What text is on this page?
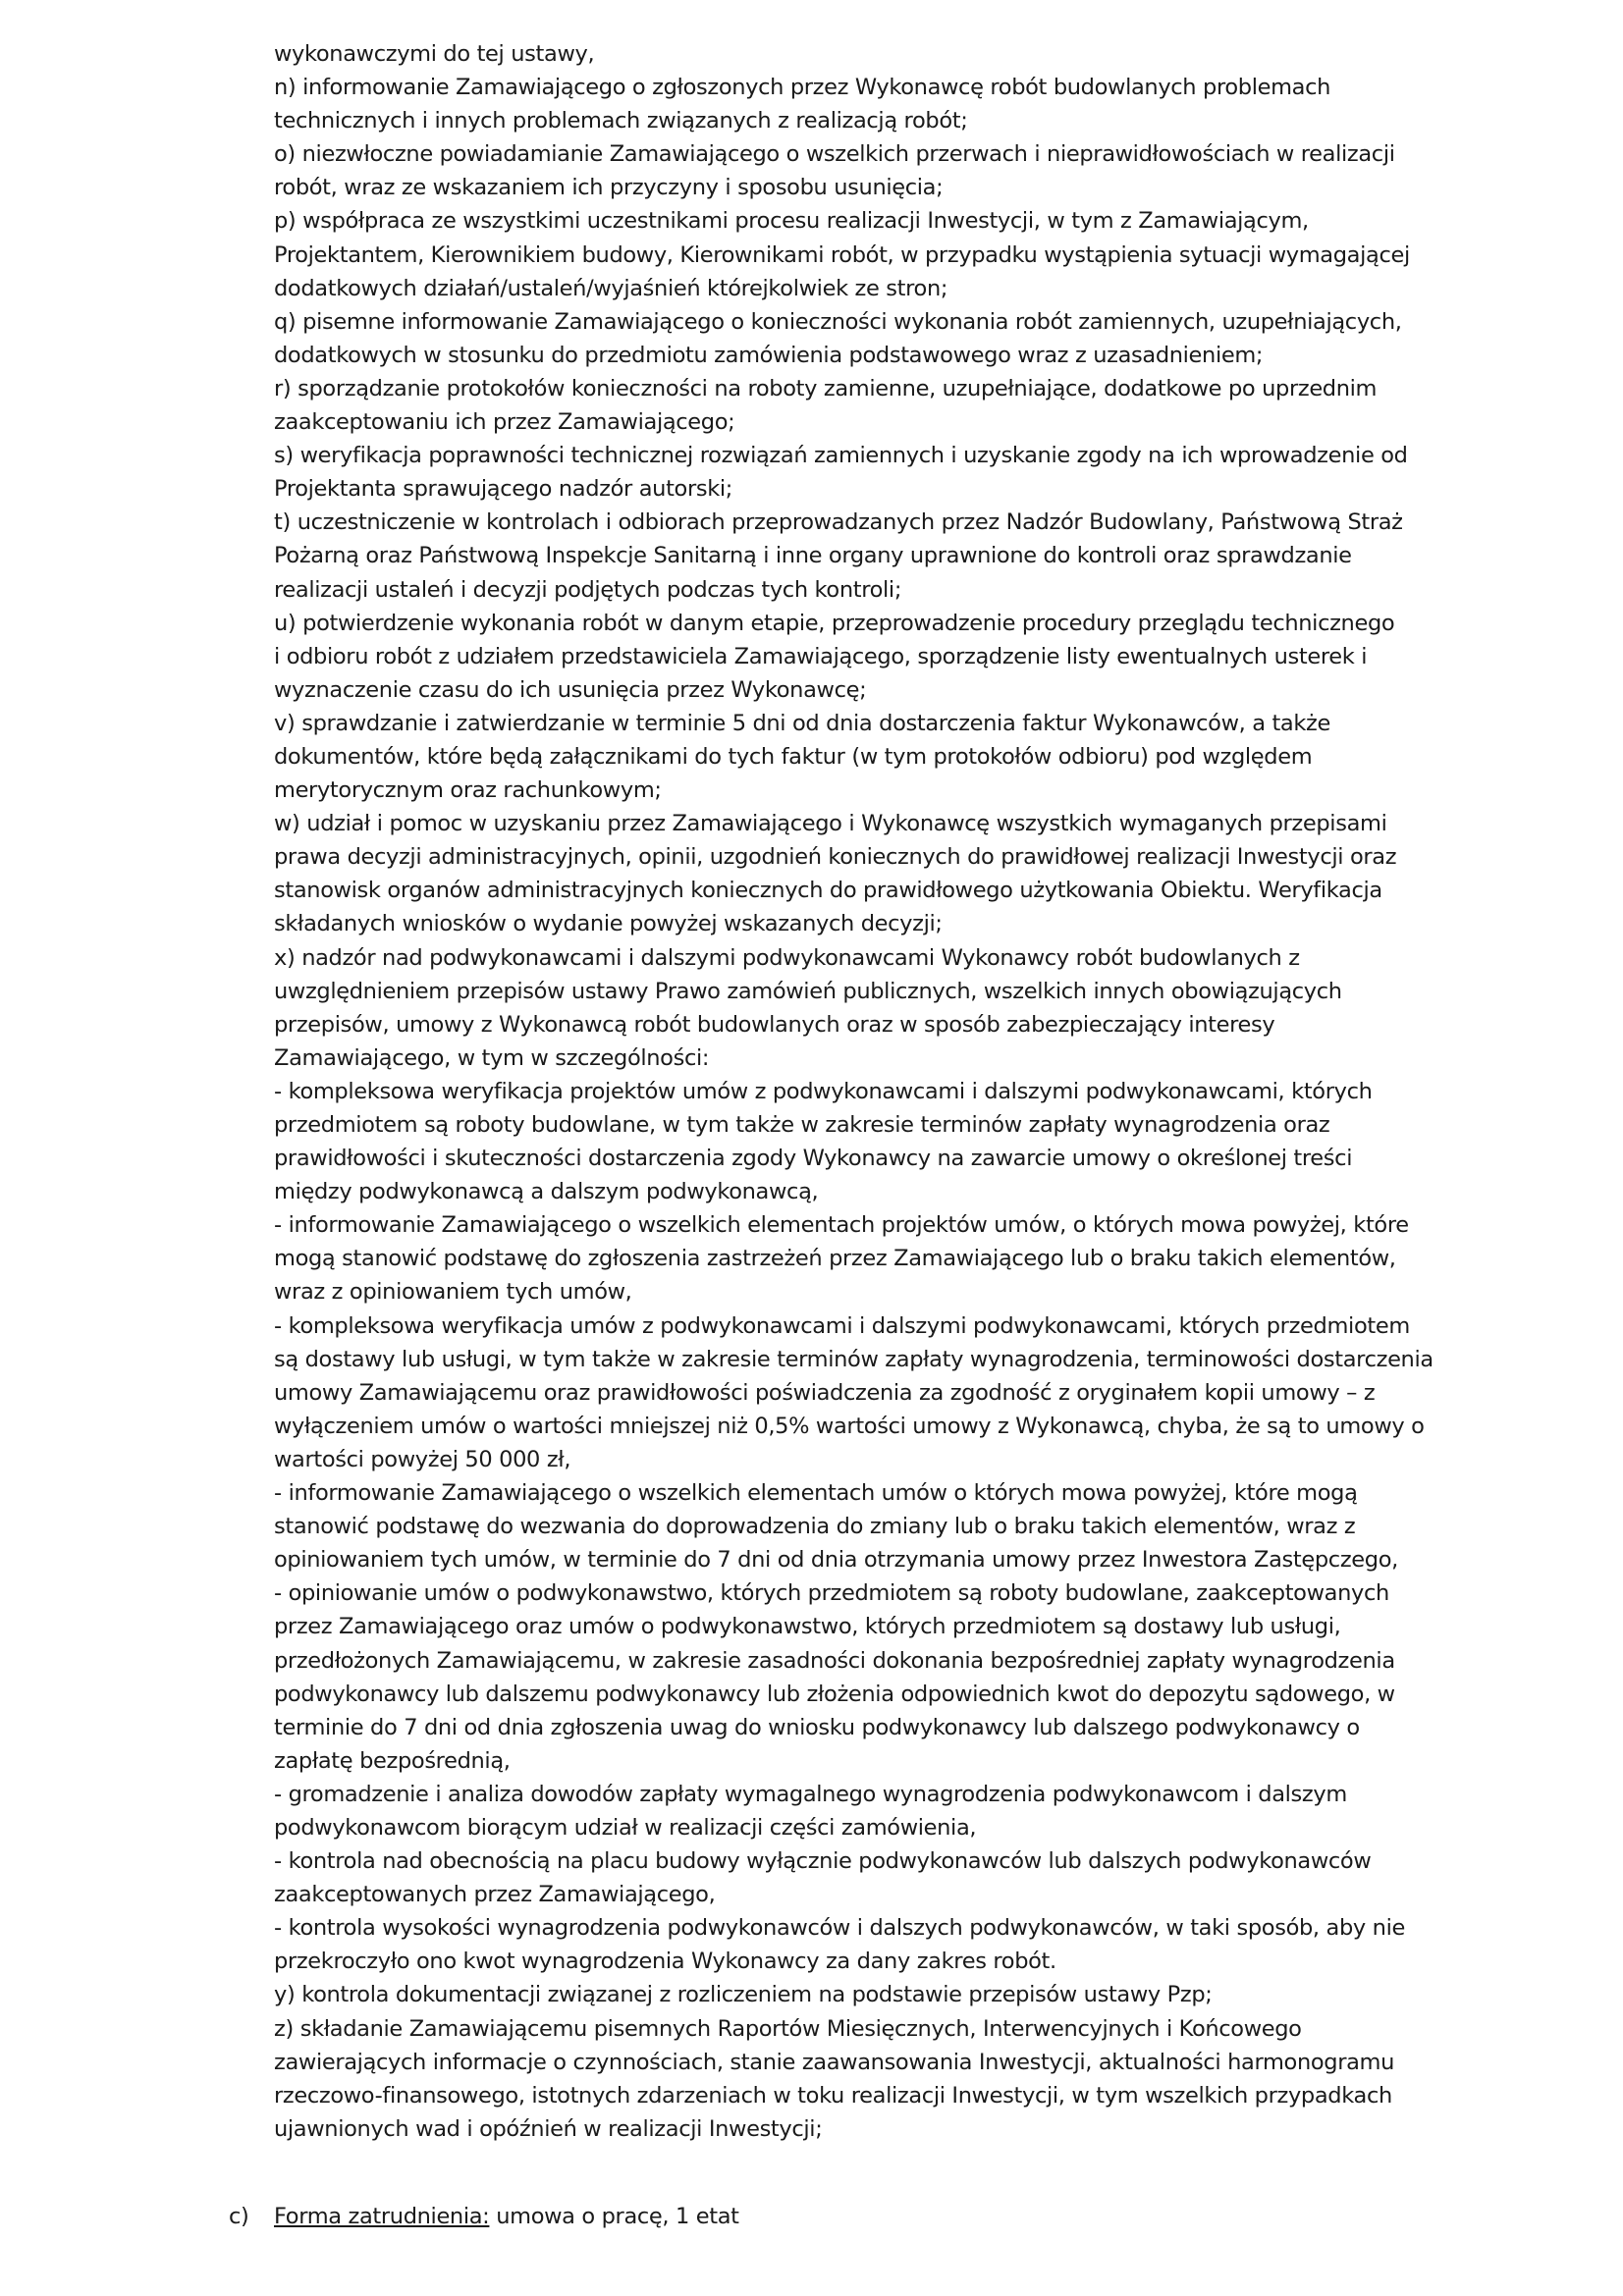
wykonawczymi do tej ustawy,
n) informowanie Zamawiającego o zgłoszonych przez Wykonawcę robót budowlanych problemach
technicznych i innych problemach związanych z realizacją robót;
o) niezwłoczne powiadamianie Zamawiającego o wszelkich przerwach i nieprawidłowościach w realizacji
robót, wraz ze wskazaniem ich przyczyny i sposobu usunięcia;
p) współpraca ze wszystkimi uczestnikami procesu realizacji Inwestycji, w tym z Zamawiającym,
Projektantem, Kierownikiem budowy, Kierownikami robót, w przypadku wystąpienia sytuacji wymagającej
dodatkowych działań/ustaleń/wyjaśnień którejkolwiek ze stron;
q) pisemne informowanie Zamawiającego o konieczności wykonania robót zamiennych, uzupełniających,
dodatkowych w stosunku do przedmiotu zamówienia podstawowego wraz z uzasadnieniem;
r) sporządzanie protokołów konieczności na roboty zamienne, uzupełniające, dodatkowe po uprzednim
zaakceptowaniu ich przez Zamawiającego;
s) weryfikacja poprawności technicznej rozwiązań zamiennych i uzyskanie zgody na ich wprowadzenie od
Projektanta sprawującego nadzór autorski;
t) uczestniczenie w kontrolach i odbiorach przeprowadzanych przez Nadzór Budowlany, Państwową Straż
Pożarną oraz Państwową Inspekcje Sanitarną i inne organy uprawnione do kontroli oraz sprawdzanie
realizacji ustaleń i decyzji podjętych podczas tych kontroli;
u) potwierdzenie wykonania robót w danym etapie, przeprowadzenie procedury przeglądu technicznego
i odbioru robót z udziałem przedstawiciela Zamawiającego, sporządzenie listy ewentualnych usterek i
wyznaczenie czasu do ich usunięcia przez Wykonawcę;
v) sprawdzanie i zatwierdzanie w terminie 5 dni od dnia dostarczenia faktur Wykonawców, a także
dokumentów, które będą załącznikami do tych faktur (w tym protokołów odbioru) pod względem
merytorycznym oraz rachunkowym;
w) udział i pomoc w uzyskaniu przez Zamawiającego i Wykonawcę wszystkich wymaganych przepisami
prawa decyzji administracyjnych, opinii, uzgodnień koniecznych do prawidłowej realizacji Inwestycji oraz
stanowisk organów administracyjnych koniecznych do prawidłowego użytkowania Obiektu. Weryfikacja
składanych wniosków o wydanie powyżej wskazanych decyzji;
x) nadzór nad podwykonawcami i dalszymi podwykonawcami Wykonawcy robót budowlanych z
uwzględnieniem przepisów ustawy Prawo zamówień publicznych, wszelkich innych obowiązujących
przepisów, umowy z Wykonawcą robót budowlanych oraz w sposób zabezpieczający interesy
Zamawiającego, w tym w szczególności:
- kompleksowa weryfikacja projektów umów z podwykonawcami i dalszymi podwykonawcami, których
przedmiotem są roboty budowlane, w tym także w zakresie terminów zapłaty wynagrodzenia oraz
prawidłowości i skuteczności dostarczenia zgody Wykonawcy na zawarcie umowy o określonej treści
między podwykonawcą a dalszym podwykonawcą,
- informowanie Zamawiającego o wszelkich elementach projektów umów, o których mowa powyżej, które
mogą stanowić podstawę do zgłoszenia zastrzeżeń przez Zamawiającego lub o braku takich elementów,
wraz z opiniowaniem tych umów,
- kompleksowa weryfikacja umów z podwykonawcami i dalszymi podwykonawcami, których przedmiotem
są dostawy lub usługi, w tym także w zakresie terminów zapłaty wynagrodzenia, terminowości dostarczenia
umowy Zamawiającemu oraz prawidłowości poświadczenia za zgodność z oryginałem kopii umowy – z
wyłączeniem umów o wartości mniejszej niż 0,5% wartości umowy z Wykonawcą, chyba, że są to umowy o
wartości powyżej 50 000 zł,
- informowanie Zamawiającego o wszelkich elementach umów o których mowa powyżej, które mogą
stanowić podstawę do wezwania do doprowadzenia do zmiany lub o braku takich elementów, wraz z
opiniowaniem tych umów, w terminie do 7 dni od dnia otrzymania umowy przez Inwestora Zastępczego,
- opiniowanie umów o podwykonawstwo, których przedmiotem są roboty budowlane, zaakceptowanych
przez Zamawiającego oraz umów o podwykonawstwo, których przedmiotem są dostawy lub usługi,
przedłożonych Zamawiającemu, w zakresie zasadności dokonania bezpośredniej zapłaty wynagrodzenia
podwykonawcy lub dalszemu podwykonawcy lub złożenia odpowiednich kwot do depozytu sądowego, w
terminie do 7 dni od dnia zgłoszenia uwag do wniosku podwykonawcy lub dalszego podwykonawcy o
zapłatę bezpośrednią,
- gromadzenie i analiza dowodów zapłaty wymagalnego wynagrodzenia podwykonawcom i dalszym
podwykonawcom biorącym udział w realizacji części zamówienia,
- kontrola nad obecnością na placu budowy wyłącznie podwykonawców lub dalszych podwykonawców
zaakceptowanych przez Zamawiającego,
- kontrola wysokości wynagrodzenia podwykonawców i dalszych podwykonawców, w taki sposób, aby nie
przekroczyło ono kwot wynagrodzenia Wykonawcy za dany zakres robót.
y) kontrola dokumentacji związanej z rozliczeniem na podstawie przepisów ustawy Pzp;
z) składanie Zamawiającemu pisemnych Raportów Miesięcznych, Interwencyjnych i Końcowego
zawierających informacje o czynnościach, stanie zaawansowania Inwestycji, aktualności harmonogramu
rzeczowo-finansowego, istotnych zdarzeniach w toku realizacji Inwestycji, w tym wszelkich przypadkach
ujawnionych wad i opóźnień w realizacji Inwestycji;
c) Forma zatrudnienia: umowa o pracę, 1 etat
